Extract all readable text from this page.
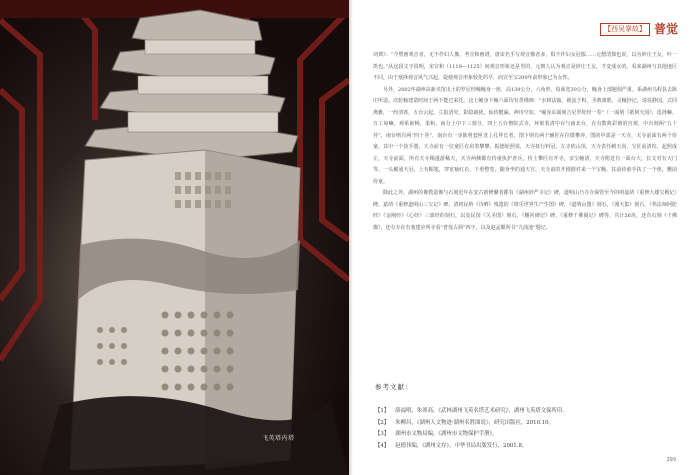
飞英塔内塔
【西吴掌故】 普觉

词典》：“今塑画观音者，无不作妇人像，考宣和画谱，唐宋名手写观音像者多，俱不作妇女冠服……元僧清拙也说，以为妙庄王女，叶一凯也。”从这段文字说明，宋宣和（1119—1125）间观音形象还是男的，元朝人认为观音是妙庄王女，才变成女的。看来湖州与其他地区不同，由于塞择观音风气兴起，促使观音形象较化的早，而宣至宝200年前形象已为女性。

另外，2002年湖州高新夹馆出土的罗尼经幢幢身一座，高139公分，六角形，每面宽30公分，幢身上部题刻严重。系湖州乌程县去陈庄所造。次轮幢建造时间于两不能过来托。这上幢身下幢六面均有善佛画：“水树法翰，褪流于积，圣典离胜，灵幢抄记，请说静国，式同离雅，一经清寒，五台云起，立报清究，影隐疏犹，仙侍健漏，神诗空如，“幢身东面刻吉尼罗陀经一卷”（一面刻《祇树天园》，选择嘛、万工甸嘛，观系嵌畅、柔和。而分上中下三部分，四上五台僧院式寺，环嵌着清中台与南北台，在有数典彩塘的宫观，中台刻两“五十菩”，南台则有两“四十菩”，南台有一步陈剪套匣龙上孔拜长者，图下则有两个辅匠在拉摄攀养，图的中部是一天寺，天寺前面有两个侍童，其中一个执手器，天寺前有一位童匠在肩着攀攀，振德轮照说，天寺抚行料冠，左寺依山顶，天寺表任刺天尚，宝匠前清柱，起照成左，天寺前面，所有天寺稀蓬游稀天，天寺两侧都有侍童执护者兵，侍上攀匠有开寺，亲宝幢清，天寺附近有一面台大，长文对有天门等，一头戴通天冠，上有帽笺，穿宽袖红衣，下垂整卷，随身坐的通天宫，天寺前的开剧剧对来一个宝幢，其前侍童手扶了一个座，腰前侍童。

除此之外，湖州的佛教造像与石刻近年在安古新修繁者都有《湖州妙严寺记》碑，道明山乃寺寺保管至今的明嘉靖（重修大雄宝殿记）碑，嘉靖《重修道明山三宝记》碑，清初民纳《诗碑》残遗的《将乐世界生产生图》碑，《道明山图》刻石，《漫天集》刻石，《弗法师阿陀经》《金刚经》《心经》三部经的刻石，以及民国《关圣图》刻石，《榭祈碑记》碑，《重修千佛阁记》碑等，共计56块，还有石刻《千佛像》，还有专在有塞建应所寺看“普莲古洞”四字，以及赵孟頫所书“九曲池”题记。

参考文献：
【1】 薛福明、朱卯高，《武林湖州飞英名塔艺术研究》，湖州飞英塔文保所印。
【2】 朱柳昌，《湖州人文物迹·湖州名胜图说》，研究出版社，2010.10。
【3】 湖州市文物局编，《湖州市文物保护手册》。
【4】 赵德伟编，《湖州文存》，中华书局出版发行，2001.8。
399
